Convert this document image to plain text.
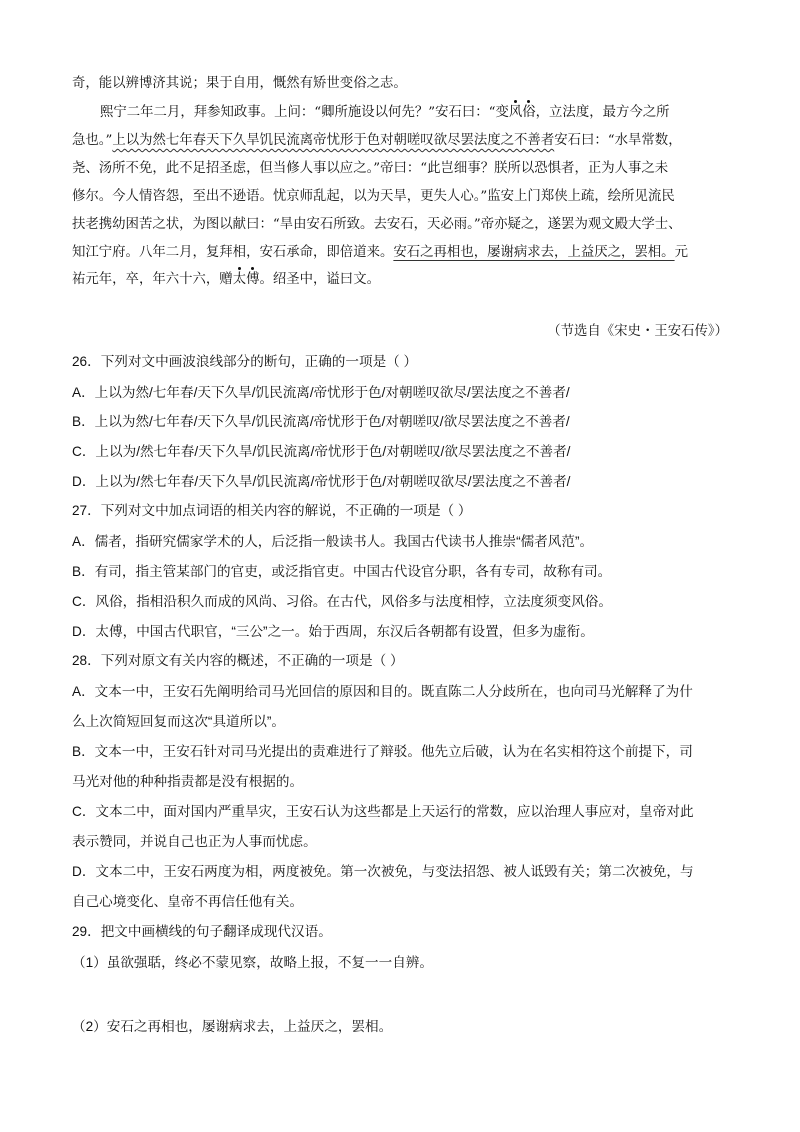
奇，能以辨博济其说；果于自用，慨然有矫世变俗之志。
熙宁二年二月，拜参知政事。上问：“卿所施设以何先？”安石曰：“变风俗，立法度，最方今之所
急也。”上以为然七年春天下久旱饥民流离帝忧形于色对朝嗟叹欲尽罢法度之不善者安石曰：“水旱常数，
尧、汤所不免，此不足招圣虑，但当修人事以应之。”帝曰：“此岂细事？朕所以恐惧者，正为人事之未
修尔。今人情咨怨，至出不逊语。忧京师乱起，以为天旱，更失人心。”监安上门郑侠上疏，绘所见流民
扶老携幼困苦之状，为图以献曰：“旱由安石所致。去安石，天必雨。”帝亦疑之，遂罢为观文殿大学士、
知江宁府。八年二月，复拜相，安石承命，即倍道来。安石之再相也，屡谢病求去，上益厌之，罢相。元
祐元年，卒，年六十六，赠太傅。绍圣中，谥曰文。
（节选自《宋史・王安石传》）
26．下列对文中画波浪线部分的断句，正确的一项是（ ）
A．上以为然/七年春/天下久旱/饥民流离/帝忧形于色/对朝嗟叹欲尽/罢法度之不善者/
B．上以为然/七年春/天下久旱/饥民流离/帝忧形于色/对朝嗟叹/欲尽罢法度之不善者/
C．上以为/然七年春/天下久旱/饥民流离/帝忧形于色/对朝嗟叹/欲尽罢法度之不善者/
D．上以为/然七年春/天下久旱/饥民流离/帝忧形于色/对朝嗟叹欲尽/罢法度之不善者/
27．下列对文中加点词语的相关内容的解说，不正确的一项是（ ）
A．儒者，指研究儒家学术的人，后泛指一般读书人。我国古代读书人推崇“儒者风范”。
B．有司，指主管某部门的官吏，或泛指官吏。中国古代设官分职，各有专司，故称有司。
C．风俗，指相沿积久而成的风尚、习俗。在古代，风俗多与法度相悖，立法度须变风俗。
D．太傅，中国古代职官，“三公”之一。始于西周，东汉后各朝都有设置，但多为虚衔。
28．下列对原文有关内容的概述，不正确的一项是（ ）
A．文本一中，王安石先阐明给司马光回信的原因和目的。既直陈二人分歧所在，也向司马光解释了为什
么上次简短回复而这次“具道所以”。
B．文本一中，王安石针对司马光提出的责难进行了辩驳。他先立后破，认为在名实相符这个前提下，司
马光对他的种种指责都是没有根据的。
C．文本二中，面对国内严重旱灾，王安石认为这些都是上天运行的常数，应以治理人事应对，皇帝对此
表示赞同，并说自己也正为人事而忧虑。
D．文本二中，王安石两度为相，两度被免。第一次被免，与变法招怨、被人诋毁有关；第二次被免，与
自己心境变化、皇帝不再信任他有关。
29．把文中画横线的句子翻译成现代汉语。
（1）虽欲强聒，终必不蒙见察，故略上报，不复一一自辨。
（2）安石之再相也，屡谢病求去，上益厌之，罢相。
